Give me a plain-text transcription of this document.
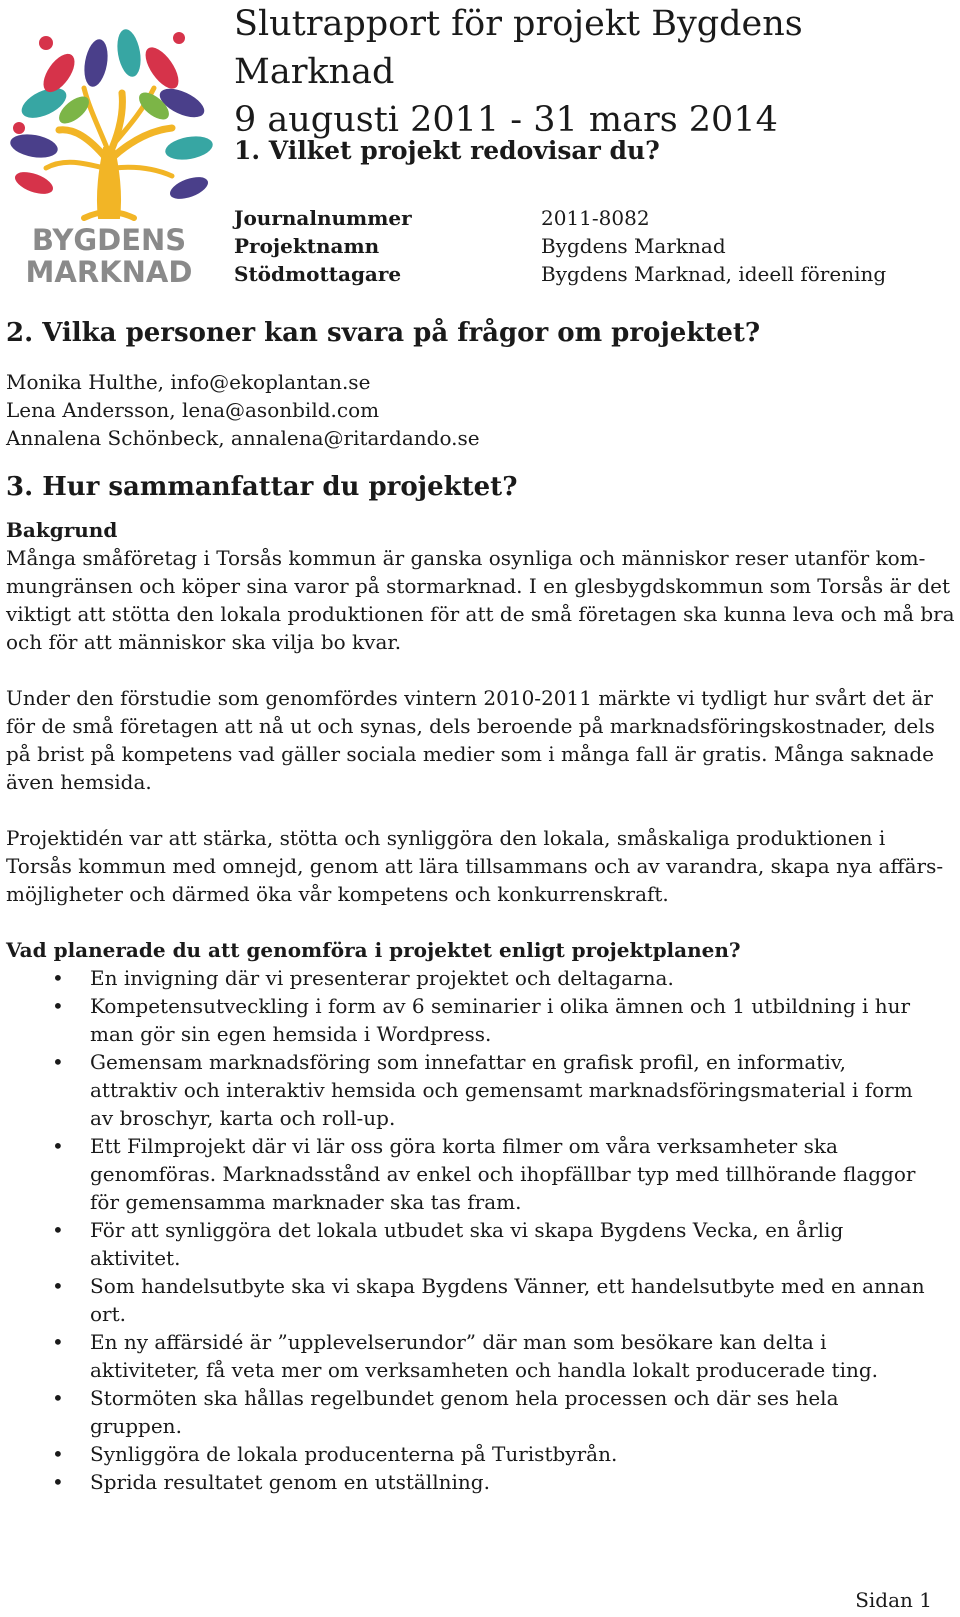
BYGDENS
MARKNAD
Slutrapport för projekt Bygdens Marknad
9 augusti 2011 - 31 mars 2014
1. Vilket projekt redovisar du?
Journalnummer	2011-8082
Projektnamn	Bygdens Marknad
Stödmottagare	Bygdens Marknad, ideell förening
2. Vilka personer kan svara på frågor om projektet?

Monika Hulthe, info@ekoplantan.se

Lena Andersson, lena@asonbild.com

Annalena Schönbeck, annalena@ritardando.se

3. Hur sammanfattar du projektet?

Bakgrund

Många småföretag i Torsås kommun är ganska osynliga och människor reser utanför kommungränsen och köper sina varor på stormarknad. I en glesbygdskommun som Torsås är det viktigt att stötta den lokala produktionen för att de små företagen ska kunna leva och må bra och för att människor ska vilja bo kvar.

Under den förstudie som genomfördes vintern 2010-2011 märkte vi tydligt hur svårt det är för de små företagen att nå ut och synas, dels beroende på marknadsföringskostnader, dels på brist på kompetens vad gäller sociala medier som i många fall är gratis. Många saknade även hemsida.

Projektidén var att stärka, stötta och synliggöra den lokala, småskaliga produktionen i Torsås kommun med omnejd, genom att lära tillsammans och av varandra, skapa nya affärsmöjligheter och därmed öka vår kompetens och konkurrenskraft.

Vad planerade du att genomföra i projektet enligt projektplanen?

• En invigning där vi presenterar projektet och deltagarna.
• Kompetensutveckling i form av 6 seminarier i olika ämnen och 1 utbildning i hur man gör sin egen hemsida i Wordpress.
• Gemensam marknadsföring som innefattar en grafisk profil, en informativ, attraktiv och interaktiv hemsida och gemensamt marknadsföringsmaterial i form av broschyr, karta och roll-up.
• Ett Filmprojekt där vi lär oss göra korta filmer om våra verksamheter ska genomföras. Marknadsstånd av enkel och ihopfällbar typ med tillhörande flaggor för gemensamma marknader ska tas fram.
• För att synliggöra det lokala utbudet ska vi skapa Bygdens Vecka, en årlig aktivitet.
• Som handelsutbyte ska vi skapa Bygdens Vänner, ett handelsutbyte med en annan ort.
• En ny affärsidé är ”upplevelserundor” där man som besökare kan delta i aktiviteter, få veta mer om verksamheten och handla lokalt producerade ting.
• Stormöten ska hållas regelbundet genom hela processen och där ses hela gruppen.
• Synliggöra de lokala producenterna på Turistbyrån.
• Sprida resultatet genom en utställning.
Sidan 1
